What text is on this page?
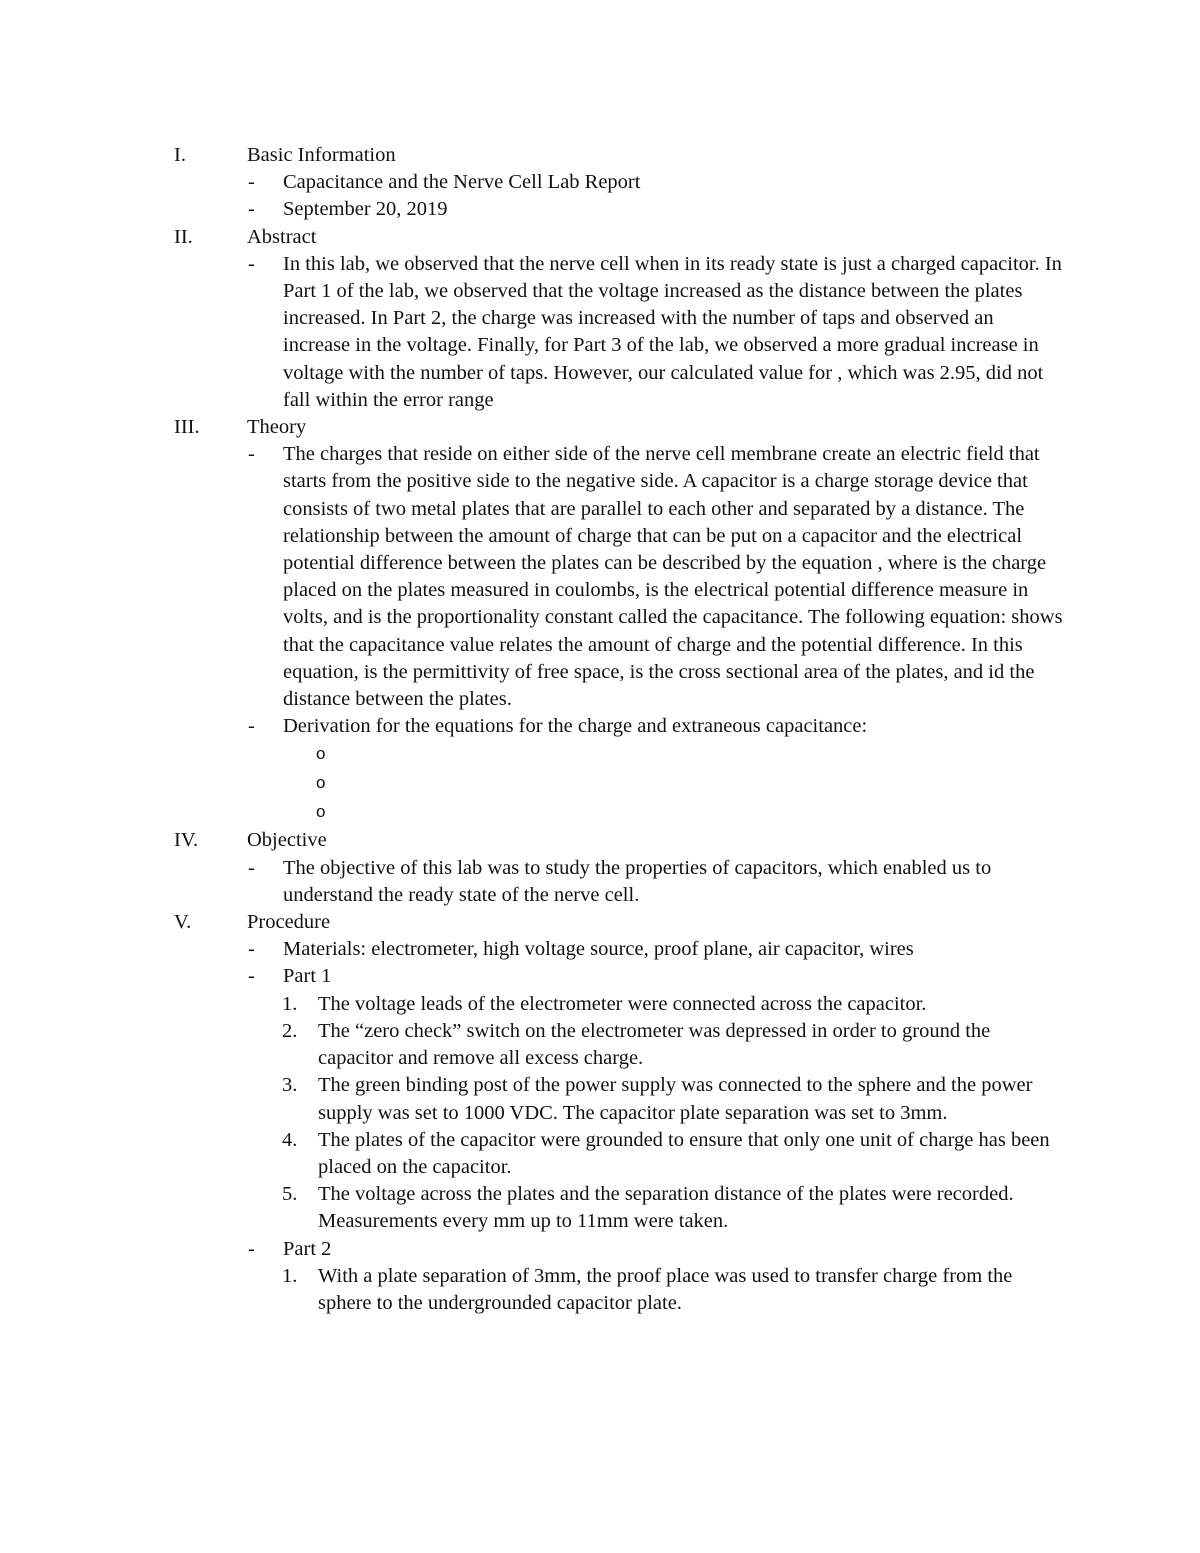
I.	Basic Information
- Capacitance and the Nerve Cell Lab Report
- September 20, 2019
II.	Abstract
- In this lab, we observed that the nerve cell when in its ready state is just a charged capacitor. In Part 1 of the lab, we observed that the voltage increased as the distance between the plates increased. In Part 2, the charge was increased with the number of taps and observed an increase in the voltage. Finally, for Part 3 of the lab, we observed a more gradual increase in voltage with the number of taps. However, our calculated value for , which was 2.95, did not fall within the error range
III. Theory
- The charges that reside on either side of the nerve cell membrane create an electric field that starts from the positive side to the negative side. A capacitor is a charge storage device that consists of two metal plates that are parallel to each other and separated by a distance. The relationship between the amount of charge that can be put on a capacitor and the electrical potential difference between the plates can be described by the equation , where is the charge placed on the plates measured in coulombs, is the electrical potential difference measure in volts, and is the proportionality constant called the capacitance. The following equation: shows that the capacitance value relates the amount of charge and the potential difference. In this equation, is the permittivity of free space, is the cross sectional area of the plates, and id the distance between the plates.
- Derivation for the equations for the charge and extraneous capacitance:
o
o
o
IV. Objective
- The objective of this lab was to study the properties of capacitors, which enabled us to understand the ready state of the nerve cell.
V.	Procedure
- Materials: electrometer, high voltage source, proof plane, air capacitor, wires
- Part 1
1. The voltage leads of the electrometer were connected across the capacitor.
2. The “zero check” switch on the electrometer was depressed in order to ground the capacitor and remove all excess charge.
3. The green binding post of the power supply was connected to the sphere and the power supply was set to 1000 VDC. The capacitor plate separation was set to 3mm.
4. The plates of the capacitor were grounded to ensure that only one unit of charge has been placed on the capacitor.
5. The voltage across the plates and the separation distance of the plates were recorded. Measurements every mm up to 11mm were taken.
- Part 2
1. With a plate separation of 3mm, the proof place was used to transfer charge from the sphere to the undergrounded capacitor plate.
